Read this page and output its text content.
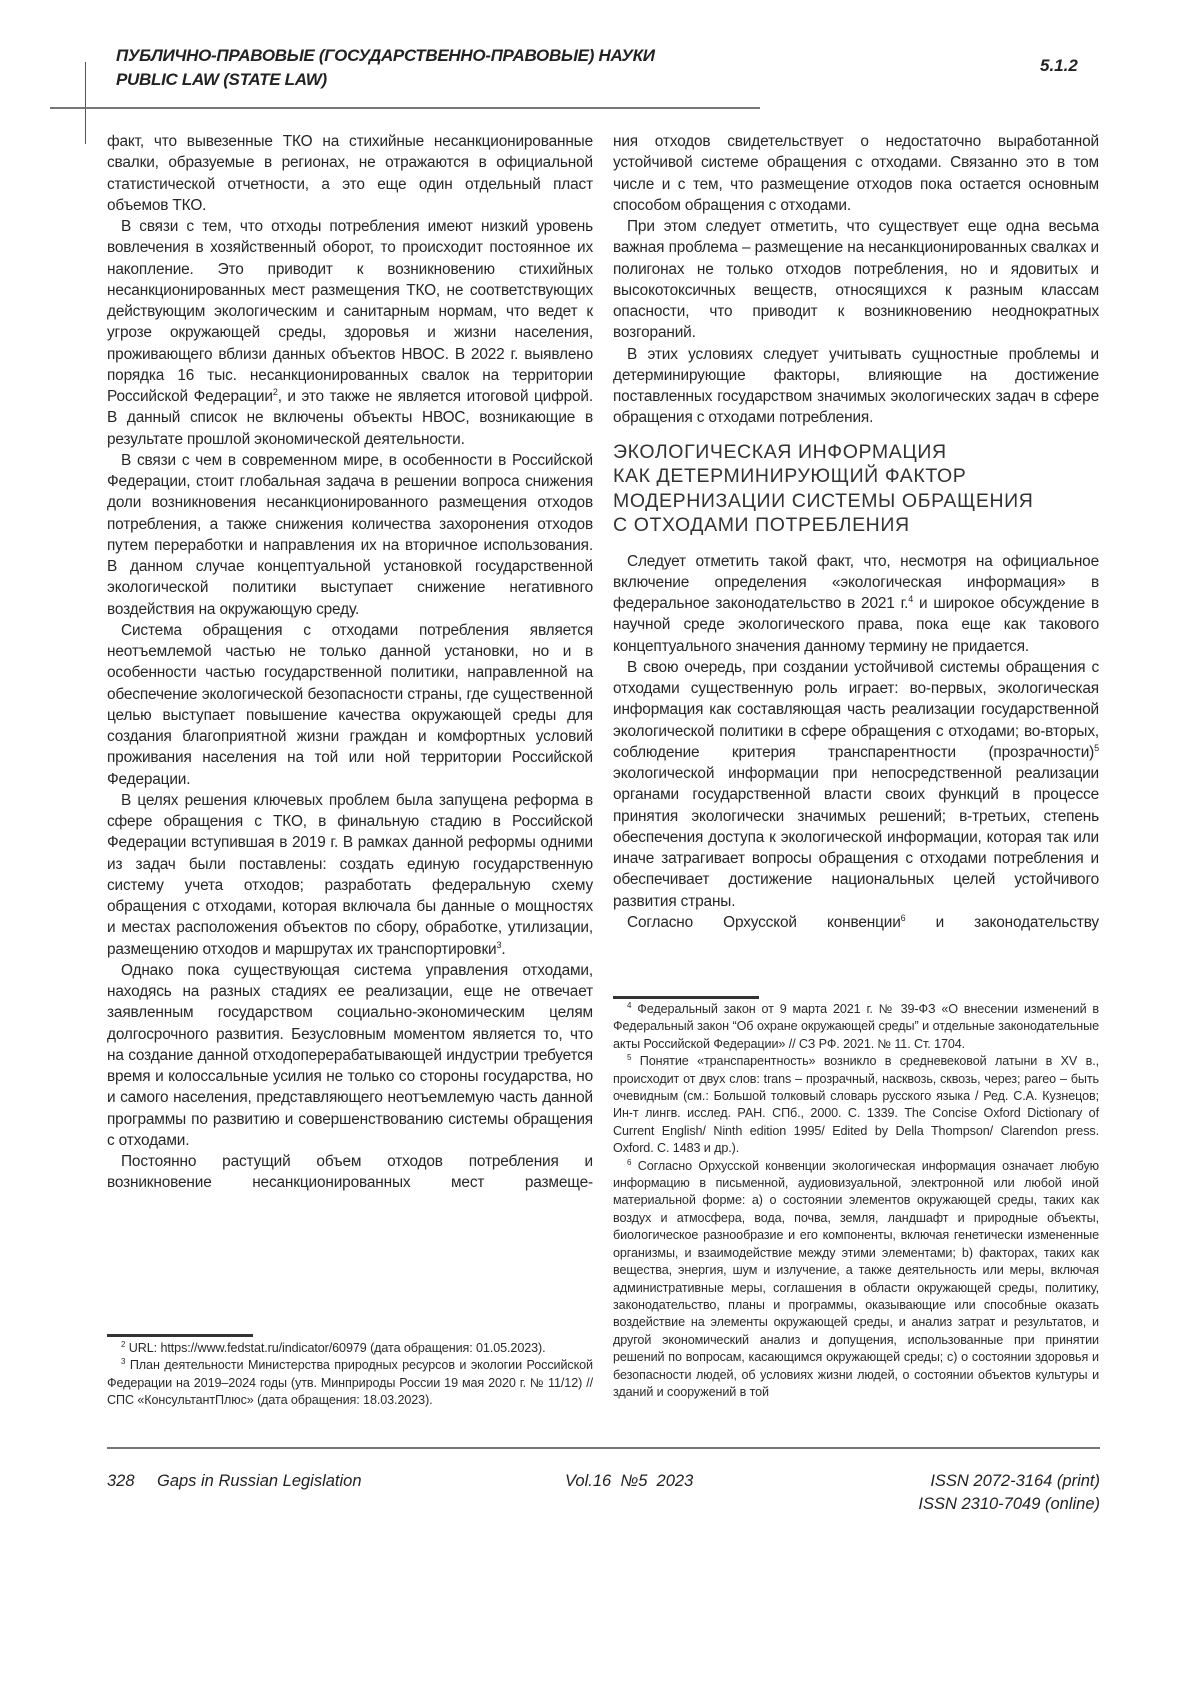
ПУБЛИЧНО-ПРАВОВЫЕ (ГОСУДАРСТВЕННО-ПРАВОВЫЕ) НАУКИ
PUBLIC LAW (STATE LAW)
5.1.2

факт, что вывезенные ТКО на стихийные несанкционированные свалки, образуемые в регионах, не отражаются в официальной статистической отчетности, а это еще один отдельный пласт объемов ТКО.

В связи с тем, что отходы потребления имеют низкий уровень вовлечения в хозяйственный оборот, то происходит постоянное их накопление. Это приводит к возникновению стихийных несанкционированных мест размещения ТКО, не соответствующих действующим экологическим и санитарным нормам, что ведет к угрозе окружающей среды, здоровья и жизни населения, проживающего вблизи данных объектов НВОС. В 2022 г. выявлено порядка 16 тыс. несанкционированных свалок на территории Российской Федерации$^2$, и это также не является итоговой цифрой. В данный список не включены объекты НВОС, возникающие в результате прошлой экономической деятельности.

В связи с чем в современном мире, в особенности в Российской Федерации, стоит глобальная задача в решении вопроса снижения доли возникновения несанкционированного размещения отходов потребления, а также снижения количества захоронения отходов путем переработки и направления их на вторичное использования. В данном случае концептуальной установкой государственной экологической политики выступает снижение негативного воздействия на окружающую среду.

Система обращения с отходами потребления является неотъемлемой частью не только данной установки, но и в особенности частью государственной политики, направленной на обеспечение экологической безопасности страны, где существенной целью выступает повышение качества окружающей среды для создания благоприятной жизни граждан и комфортных условий проживания населения на той или ной территории Российской Федерации.

В целях решения ключевых проблем была запущена реформа в сфере обращения с ТКО, в финальную стадию в Российской Федерации вступившая в 2019 г. В рамках данной реформы одними из задач были поставлены: создать единую государственную систему учета отходов; разработать федеральную схему обращения с отходами, которая включала бы данные о мощностях и местах расположения объектов по сбору, обработке, утилизации, размещению отходов и маршрутах их транспортировки$^3$.

Однако пока существующая система управления отходами, находясь на разных стадиях ее реализации, еще не отвечает заявленным государством социально-экономическим целям долгосрочного развития. Безусловным моментом является то, что на создание данной отходоперерабатывающей индустрии требуется время и колоссальные усилия не только со стороны государства, но и самого населения, представляющего неотъемлемую часть данной программы по развитию и совершенствованию системы обращения с отходами.

Постоянно растущий объем отходов потребления и возникновение несанкционированных мест размеще-

$^2$ URL: https://www.fedstat.ru/indicator/60979 (дата обращения: 01.05.2023).

$^3$ План деятельности Министерства природных ресурсов и экологии Российской Федерации на 2019–2024 годы (утв. Минприроды России 19 мая 2020 г. № 11/12) // СПС «КонсультантПлюс» (дата обращения: 18.03.2023).

ния отходов свидетельствует о недостаточно выработанной устойчивой системе обращения с отходами. Связанно это в том числе и с тем, что размещение отходов пока остается основным способом обращения с отходами.

При этом следует отметить, что существует еще одна весьма важная проблема – размещение на несанкционированных свалках и полигонах не только отходов потребления, но и ядовитых и высокотоксичных веществ, относящихся к разным классам опасности, что приводит к возникновению неоднократных возгораний.

В этих условиях следует учитывать сущностные проблемы и детерминирующие факторы, влияющие на достижение поставленных государством значимых экологических задач в сфере обращения с отходами потребления.

ЭКОЛОГИЧЕСКАЯ ИНФОРМАЦИЯ
КАК ДЕТЕРМИНИРУЮЩИЙ ФАКТОР
МОДЕРНИЗАЦИИ СИСТЕМЫ ОБРАЩЕНИЯ
С ОТХОДАМИ ПОТРЕБЛЕНИЯ

Следует отметить такой факт, что, несмотря на официальное включение определения «экологическая информация» в федеральное законодательство в 2021 г.$^4$ и широкое обсуждение в научной среде экологического права, пока еще как такового концептуального значения данному термину не придается.

В свою очередь, при создании устойчивой системы обращения с отходами существенную роль играет: во-первых, экологическая информация как составляющая часть реализации государственной экологической политики в сфере обращения с отходами; во-вторых, соблюдение критерия транспарентности (прозрачности)$^5$ экологической информации при непосредственной реализации органами государственной власти своих функций в процессе принятия экологически значимых решений; в-третьих, степень обеспечения доступа к экологической информации, которая так или иначе затрагивает вопросы обращения с отходами потребления и обеспечивает достижение национальных целей устойчивого развития страны.

Согласно Орхусской конвенции$^6$ и законодательству

$^4$ Федеральный закон от 9 марта 2021 г. № 39-ФЗ «О внесении изменений в Федеральный закон “Об охране окружающей среды” и отдельные законодательные акты Российской Федерации» // СЗ РФ. 2021. № 11. Ст. 1704.

$^5$ Понятие «транспарентность» возникло в средневековой латыни в XV в., происходит от двух слов: trans – прозрачный, насквозь, сквозь, через; pareo – быть очевидным (см.: Большой толковый словарь русского языка / Ред. С.А. Кузнецов; Ин-т лингв. исслед. РАН. СПб., 2000. С. 1339. The Concise Oxford Dictionary of Current English/ Ninth edition 1995/ Edited by Della Thompson/ Clarendon press. Oxford. С. 1483 и др.).

$^6$ Согласно Орхусской конвенции экологическая информация означает любую информацию в письменной, аудиовизуальной, электронной или любой иной материальной форме: a) о состоянии элементов окружающей среды, таких как воздух и атмосфера, вода, почва, земля, ландшафт и природные объекты, биологическое разнообразие и его компоненты, включая генетически измененные организмы, и взаимодействие между этими элементами; b) факторах, таких как вещества, энергия, шум и излучение, а также деятельность или меры, включая административные меры, соглашения в области окружающей среды, политику, законодательство, планы и программы, оказывающие или способные оказать воздействие на элементы окружающей среды, и анализ затрат и результатов, и другой экономический анализ и допущения, использованные при принятии решений по вопросам, касающимся окружающей среды; c) о состоянии здоровья и безопасности людей, об условиях жизни людей, о состоянии объектов культуры и зданий и сооружений в той

328 Gaps in Russian Legislation	Vol.16  №5  2023	ISSN 2072-3164 (print)
ISSN 2310-7049 (online)
